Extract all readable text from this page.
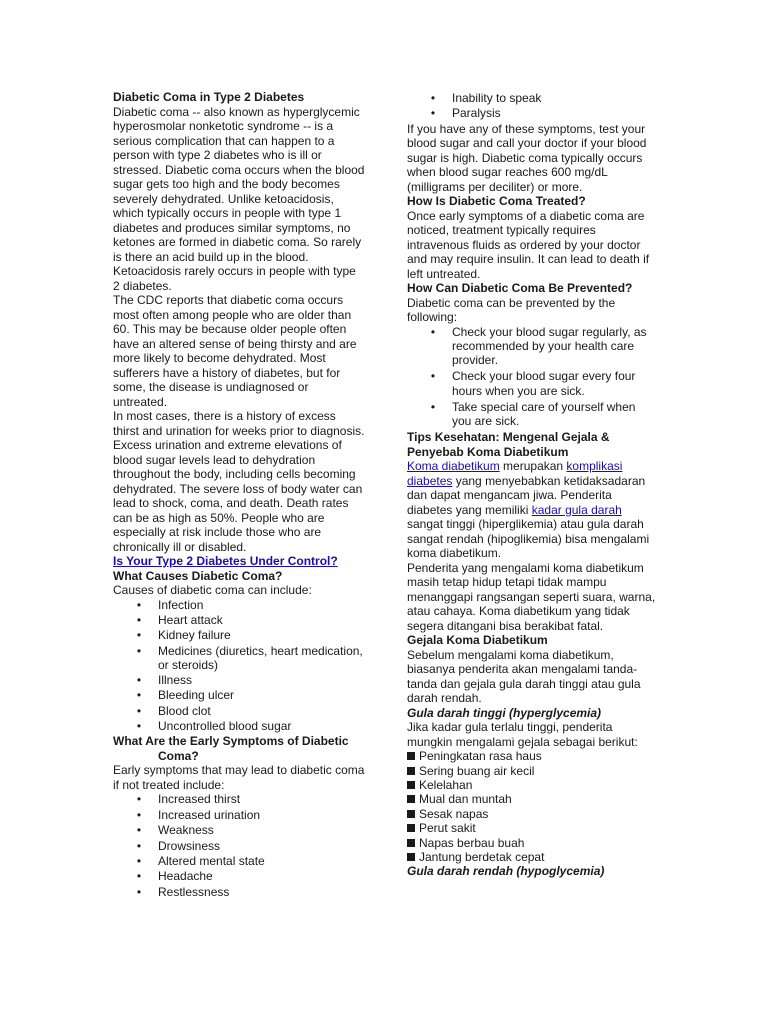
Diabetic Coma in Type 2 Diabetes

Diabetic coma -- also known as hyperglycemic hyperosmolar nonketotic syndrome -- is a serious complication that can happen to a person with type 2 diabetes who is ill or stressed. Diabetic coma occurs when the blood sugar gets too high and the body becomes severely dehydrated. Unlike ketoacidosis, which typically occurs in people with type 1 diabetes and produces similar symptoms, no ketones are formed in diabetic coma. So rarely is there an acid build up in the blood. Ketoacidosis rarely occurs in people with type 2 diabetes.

The CDC reports that diabetic coma occurs most often among people who are older than 60. This may be because older people often have an altered sense of being thirsty and are more likely to become dehydrated. Most sufferers have a history of diabetes, but for some, the disease is undiagnosed or untreated.

In most cases, there is a history of excess thirst and urination for weeks prior to diagnosis. Excess urination and extreme elevations of blood sugar levels lead to dehydration throughout the body, including cells becoming dehydrated. The severe loss of body water can lead to shock, coma, and death. Death rates can be as high as 50%. People who are especially at risk include those who are chronically ill or disabled.

Is Your Type 2 Diabetes Under Control?

What Causes Diabetic Coma?

Causes of diabetic coma can include:

•	Infection
•	Heart attack
•	Kidney failure
•	Medicines (diuretics, heart medication, or steroids)
•	Illness
•	Bleeding ulcer
•	Blood clot
•	Uncontrolled blood sugar
What Are the Early Symptoms of Diabetic Coma?

Early symptoms that may lead to diabetic coma if not treated include:

•	Increased thirst
•	Increased urination
•	Weakness
•	Drowsiness
•	Altered mental state
•	Headache
•	Restlessness
•	Inability to speak
•	Paralysis

If you have any of these symptoms, test your blood sugar and call your doctor if your blood sugar is high. Diabetic coma typically occurs when blood sugar reaches 600 mg/dL (milligrams per deciliter) or more.

How Is Diabetic Coma Treated?

Once early symptoms of a diabetic coma are noticed, treatment typically requires intravenous fluids as ordered by your doctor and may require insulin. It can lead to death if left untreated.

How Can Diabetic Coma Be Prevented?

Diabetic coma can be prevented by the following:

•	Check your blood sugar regularly, as recommended by your health care provider.
•	Check your blood sugar every four hours when you are sick.
•	Take special care of yourself when you are sick.
Tips Kesehatan: Mengenal Gejala & Penyebab Koma Diabetikum

Koma diabetikum merupakan komplikasi diabetes yang menyebabkan ketidaksadaran dan dapat mengancam jiwa. Penderita diabetes yang memiliki kadar gula darah sangat tinggi (hiperglikemia) atau gula darah sangat rendah (hipoglikemia) bisa mengalami koma diabetikum.

Penderita yang mengalami koma diabetikum masih tetap hidup tetapi tidak mampu menanggapi rangsangan seperti suara, warna, atau cahaya. Koma diabetikum yang tidak segera ditangani bisa berakibat fatal.

Gejala Koma Diabetikum

Sebelum mengalami koma diabetikum, biasanya penderita akan mengalami tanda-tanda dan gejala gula darah tinggi atau gula darah rendah.

Gula darah tinggi (hyperglycemia)

Jika kadar gula terlalu tinggi, penderita mungkin mengalami gejala sebagai berikut:

Peningkatan rasa haus
Sering buang air kecil
Kelelahan
Mual dan muntah
Sesak napas
Perut sakit
Napas berbau buah
Jantung berdetak cepat
Gula darah rendah (hypoglycemia)
